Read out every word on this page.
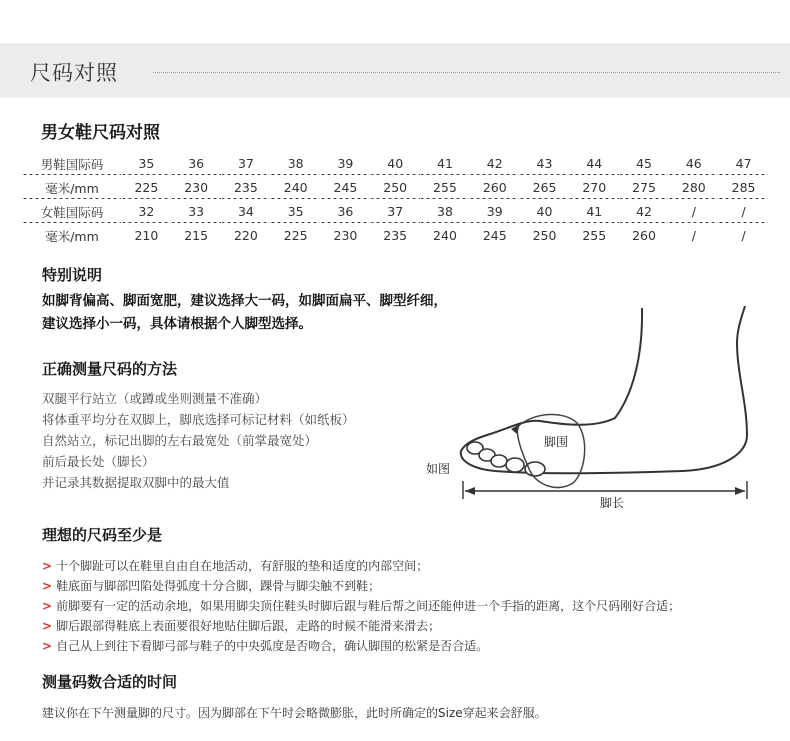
尺码对照
男女鞋尺码对照
男鞋国际码	35	36	37	38	39	40	41	42	43	44	45	46	47
毫米/mm	225	230	235	240	245	250	255	260	265	270	275	280	285
女鞋国际码	32	33	34	35	36	37	38	39	40	41	42	/	/
毫米/mm	210	215	220	225	230	235	240	245	250	255	260	/	/
特别说明
如脚背偏高、脚面宽肥，建议选择大一码，如脚面扁平、脚型纤细，
建议选择小一码，具体请根据个人脚型选择。
正确测量尺码的方法
双腿平行站立（或蹲或坐则测量不准确）
将体重平均分在双脚上，脚底选择可标记材料（如纸板）
自然站立，标记出脚的左右最宽处（前掌最宽处）
前后最长处（脚长）
并记录其数据提取双脚中的最大值
如图
脚围
脚长
理想的尺码至少是
> 十个脚趾可以在鞋里自由自在地活动，有舒服的垫和适度的内部空间；
> 鞋底面与脚部凹陷处得弧度十分合脚，踝骨与脚尖触不到鞋；
> 前脚要有一定的活动余地，如果用脚尖顶住鞋头时脚后跟与鞋后帮之间还能伸进一个手指的距离，这个尺码刚好合适；
> 脚后跟部得鞋底上表面要很好地贴住脚后跟，走路的时候不能滑来滑去；
> 自己从上到往下看脚弓部与鞋子的中央弧度是否吻合，确认脚围的松紧是否合适。
测量码数合适的时间
建议你在下午测量脚的尺寸。因为脚部在下午时会略微膨胀，此时所确定的Size穿起来会舒服。
